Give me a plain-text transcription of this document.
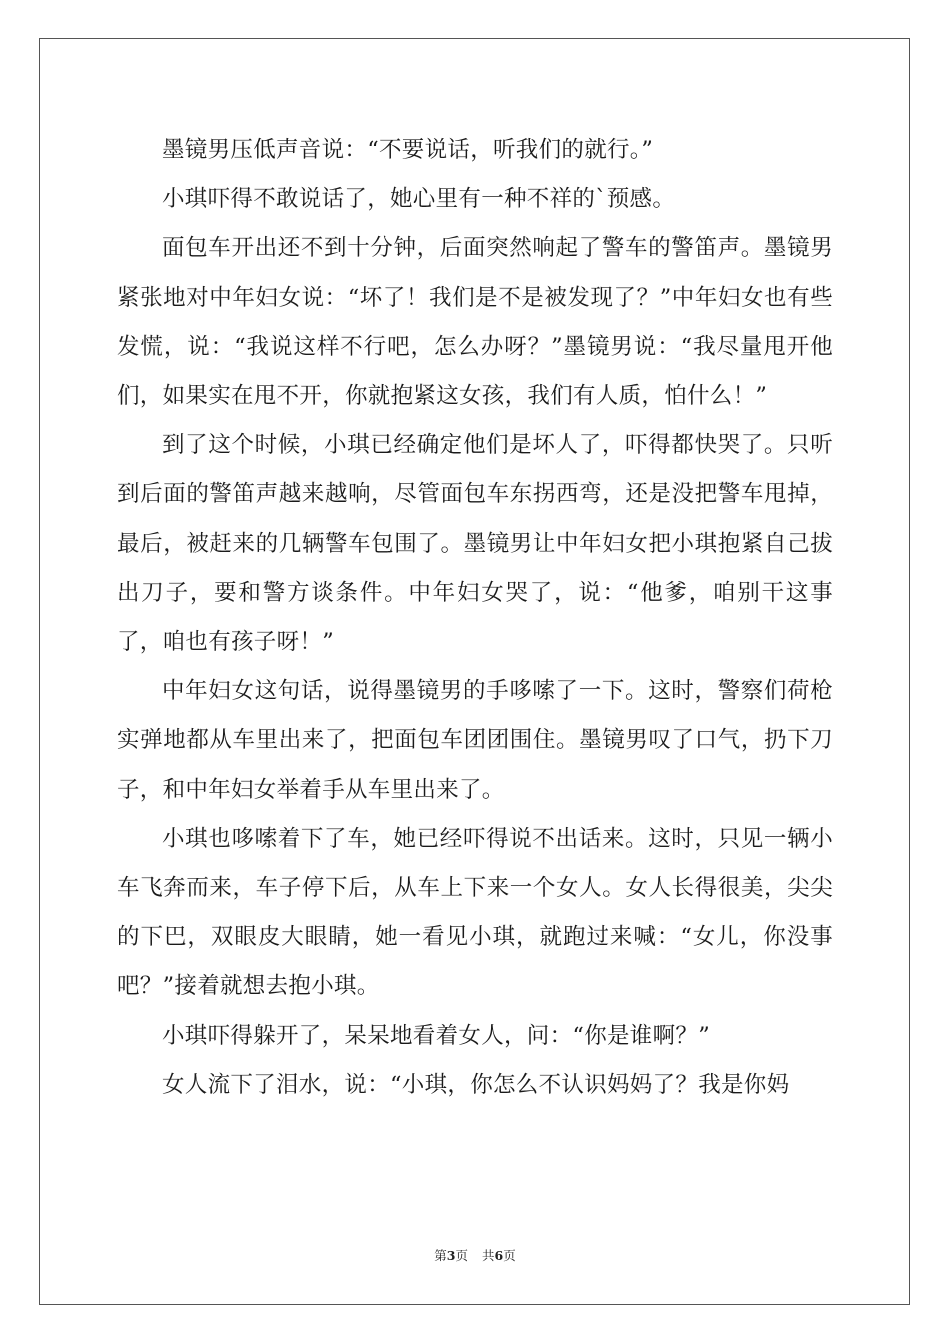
墨镜男压低声音说：“不要说话，听我们的就行。”

小琪吓得不敢说话了，她心里有一种不祥的`预感。

面包车开出还不到十分钟，后面突然响起了警车的警笛声。墨镜男紧张地对中年妇女说：“坏了！我们是不是被发现了？”中年妇女也有些发慌，说：“我说这样不行吧，怎么办呀？”墨镜男说：“我尽量甩开他们，如果实在甩不开，你就抱紧这女孩，我们有人质，怕什么！”

到了这个时候，小琪已经确定他们是坏人了，吓得都快哭了。只听到后面的警笛声越来越响，尽管面包车东拐西弯，还是没把警车甩掉，最后，被赶来的几辆警车包围了。墨镜男让中年妇女把小琪抱紧自己拔出刀子，要和警方谈条件。中年妇女哭了，说：“他爹，咱别干这事了，咱也有孩子呀！”

中年妇女这句话，说得墨镜男的手哆嗦了一下。这时，警察们荷枪实弹地都从车里出来了，把面包车团团围住。墨镜男叹了口气，扔下刀子，和中年妇女举着手从车里出来了。

小琪也哆嗦着下了车，她已经吓得说不出话来。这时，只见一辆小车飞奔而来，车子停下后，从车上下来一个女人。女人长得很美，尖尖的下巴，双眼皮大眼睛，她一看见小琪，就跑过来喊：“女儿，你没事吧？”接着就想去抱小琪。

小琪吓得躲开了，呆呆地看着女人，问：“你是谁啊？”

女人流下了泪水，说：“小琪，你怎么不认识妈妈了？我是你妈

第3页 共6页
